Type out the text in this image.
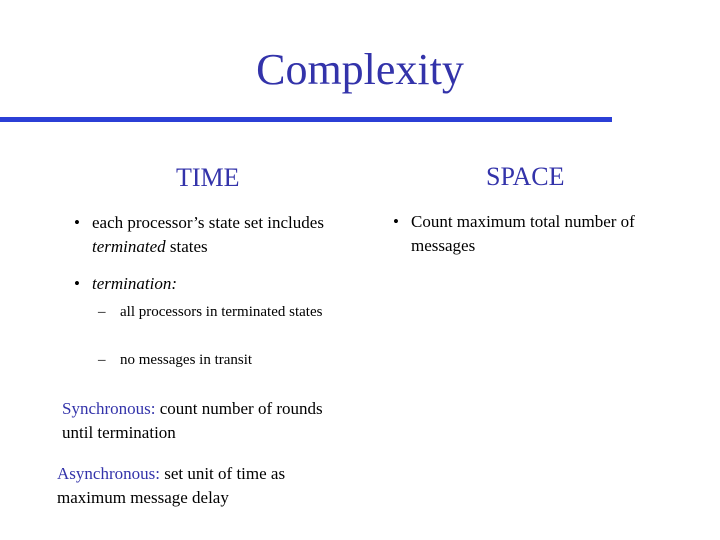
Complexity
TIME	SPACE
• each processor’s state set includes terminated states
• termination:
– all processors in terminated states
– no messages in transit
Synchronous: count number of rounds until termination
Asynchronous: set unit of time as maximum message delay
• Count maximum total number of messages
